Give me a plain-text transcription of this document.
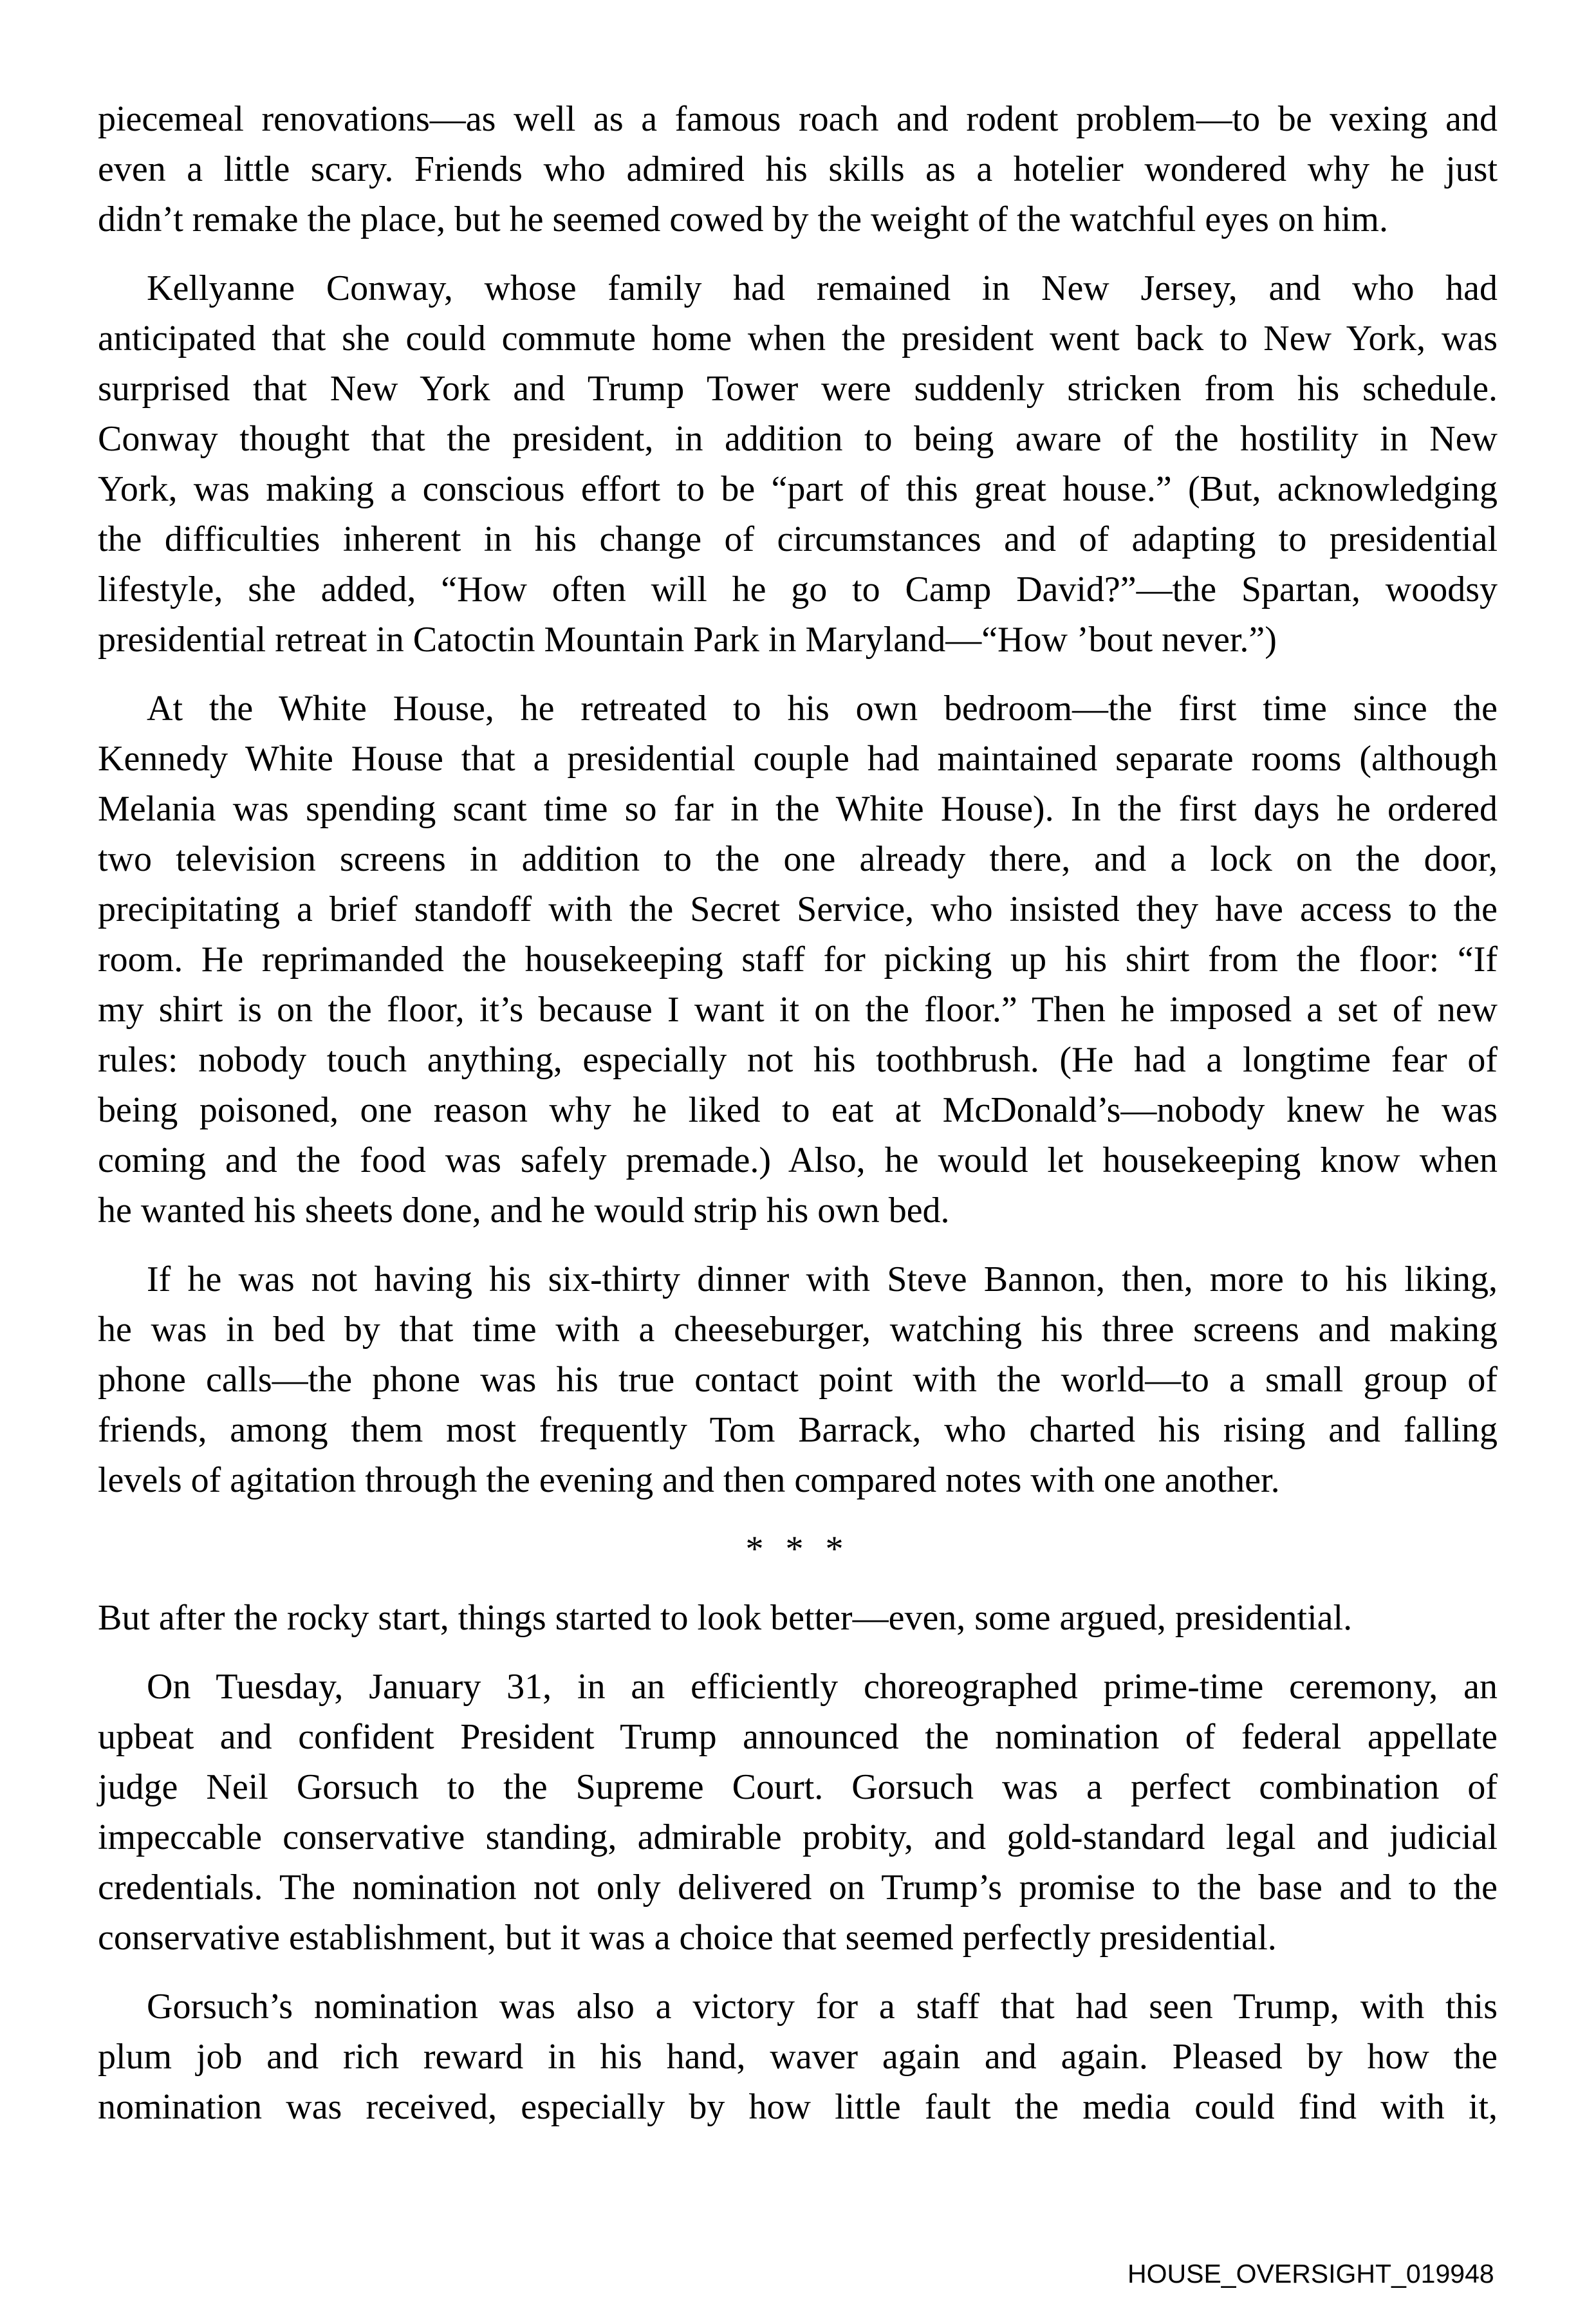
piecemeal renovations—as well as a famous roach and rodent problem—to be vexing and
even a little scary. Friends who admired his skills as a hotelier wondered why he just
didn’t remake the place, but he seemed cowed by the weight of the watchful eyes on him.
Kellyanne Conway, whose family had remained in New Jersey, and who had
anticipated that she could commute home when the president went back to New York, was
surprised that New York and Trump Tower were suddenly stricken from his schedule.
Conway thought that the president, in addition to being aware of the hostility in New
York, was making a conscious effort to be “part of this great house.” (But, acknowledging
the difficulties inherent in his change of circumstances and of adapting to presidential
lifestyle, she added, “How often will he go to Camp David?”—the Spartan, woodsy
presidential retreat in Catoctin Mountain Park in Maryland—“How ’bout never.”)
At the White House, he retreated to his own bedroom—the first time since the
Kennedy White House that a presidential couple had maintained separate rooms (although
Melania was spending scant time so far in the White House). In the first days he ordered
two television screens in addition to the one already there, and a lock on the door,
precipitating a brief standoff with the Secret Service, who insisted they have access to the
room. He reprimanded the housekeeping staff for picking up his shirt from the floor: “If
my shirt is on the floor, it’s because I want it on the floor.” Then he imposed a set of new
rules: nobody touch anything, especially not his toothbrush. (He had a longtime fear of
being poisoned, one reason why he liked to eat at McDonald’s—nobody knew he was
coming and the food was safely premade.) Also, he would let housekeeping know when
he wanted his sheets done, and he would strip his own bed.
If he was not having his six-thirty dinner with Steve Bannon, then, more to his liking,
he was in bed by that time with a cheeseburger, watching his three screens and making
phone calls—the phone was his true contact point with the world—to a small group of
friends, among them most frequently Tom Barrack, who charted his rising and falling
levels of agitation through the evening and then compared notes with one another.
* * *
But after the rocky start, things started to look better—even, some argued, presidential.
On Tuesday, January 31, in an efficiently choreographed prime-time ceremony, an
upbeat and confident President Trump announced the nomination of federal appellate
judge Neil Gorsuch to the Supreme Court. Gorsuch was a perfect combination of
impeccable conservative standing, admirable probity, and gold-standard legal and judicial
credentials. The nomination not only delivered on Trump’s promise to the base and to the
conservative establishment, but it was a choice that seemed perfectly presidential.
Gorsuch’s nomination was also a victory for a staff that had seen Trump, with this
plum job and rich reward in his hand, waver again and again. Pleased by how the
nomination was received, especially by how little fault the media could find with it,
HOUSE_OVERSIGHT_019948
